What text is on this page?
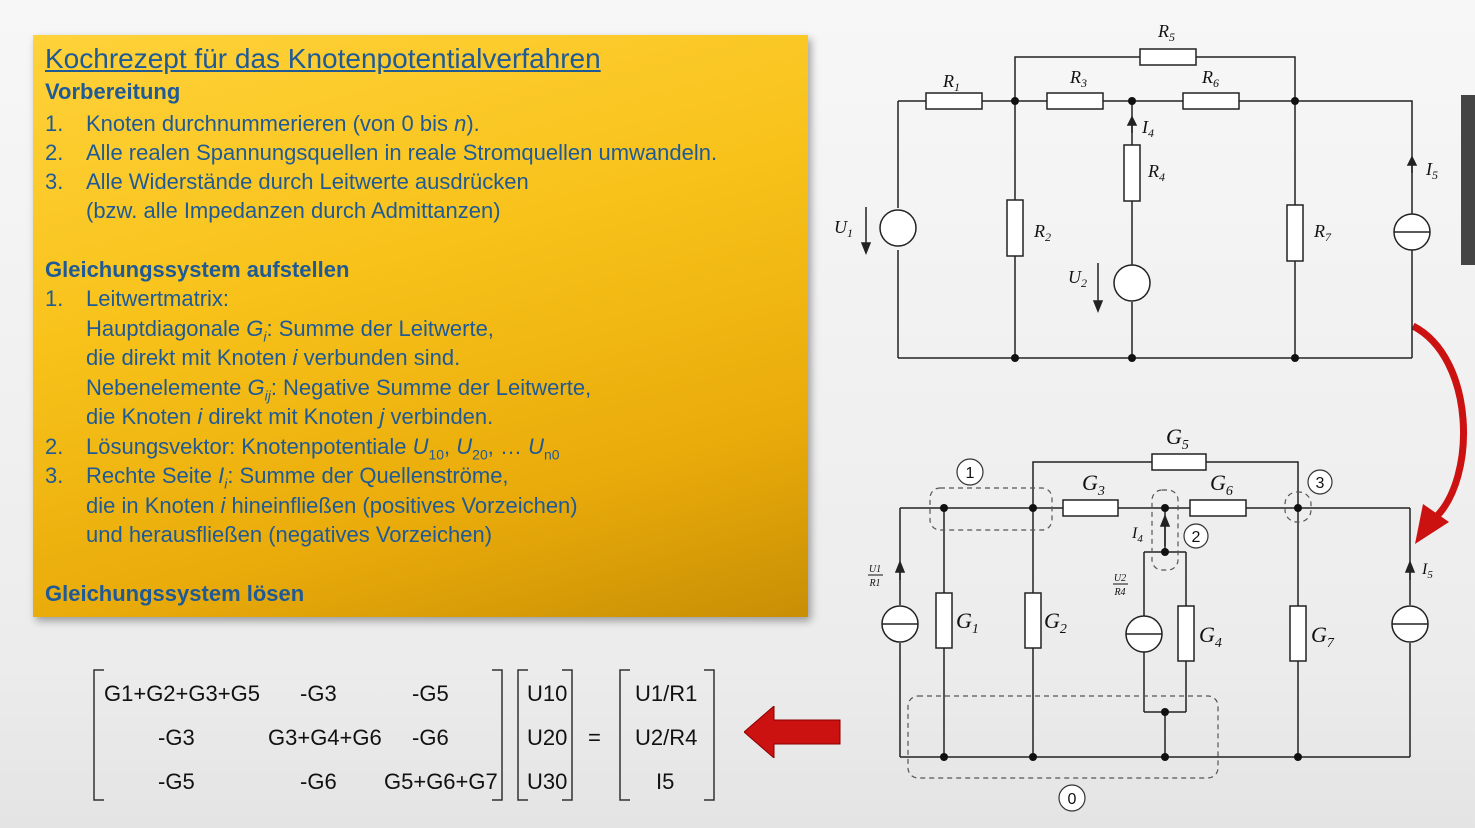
Kochrezept für das Knotenpotentialverfahren
Vorbereitung
1. Knoten durchnummerieren (von 0 bis n).
2. Alle realen Spannungsquellen in reale Stromquellen umwandeln.
3. Alle Widerstände durch Leitwerte ausdrücken
(bzw. alle Impedanzen durch Admittanzen)
Gleichungssystem aufstellen
1. Leitwertmatrix:
Hauptdiagonale $G_i$: Summe der Leitwerte,
die direkt mit Knoten i verbunden sind.
Nebenelemente $G_{ij}$: Negative Summe der Leitwerte,
die Knoten i direkt mit Knoten j verbinden.
2. Lösungsvektor: Knotenpotentiale $U_{10}$, $U_{20}$, … $U_{n0}$
3. Rechte Seite $I_i$: Summe der Quellenströme,
die in Knoten i hineinfließen (positives Vorzeichen)
und herausfließen (negatives Vorzeichen)
Gleichungssystem lösen
G1+G2+G3+G5 -G3	-G5
-G3	G3+G4+G6 -G6
-G5	-G6 G5+G6+G7
U10
U20
U30
=
U1/R1
U2/R4
I5
$R_1$	$R_3$	$R_6$
$R_5$
$R_2$
$R_4$
$R_7$
$U_1$
$U_2$
$I_4$
$I_5$
1
2
3
0
$G_3$	$G_6$
$G_5$
$G_1$	$G_2$	$G_4$	$G_7$
$I_4$
$I_5$
U1
R1	U2
R4
